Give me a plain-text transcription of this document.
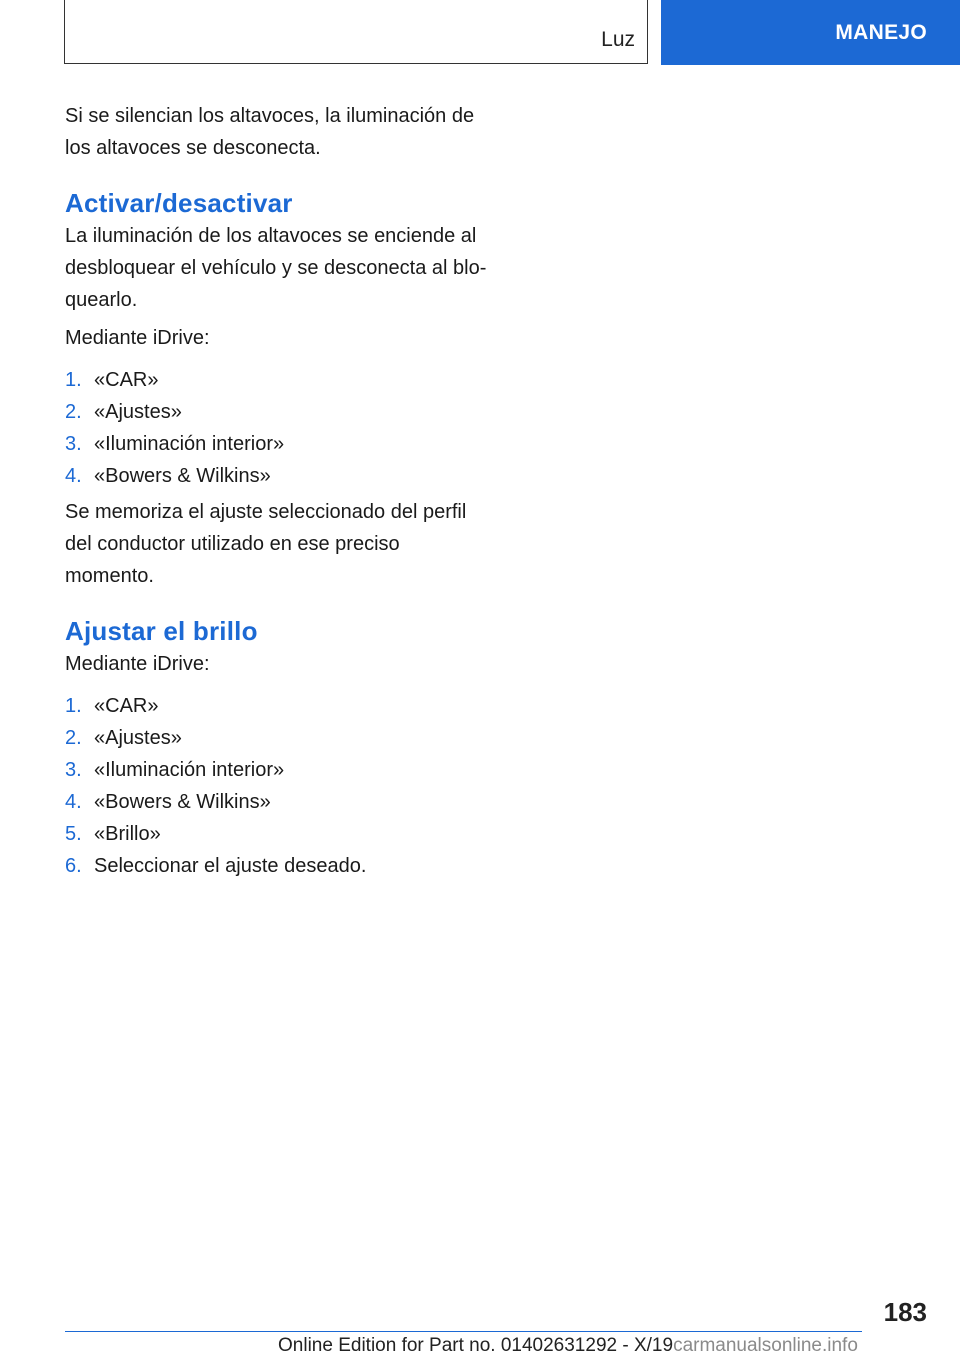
Luz	MANEJO

Si se silencian los altavoces, la iluminación de los altavoces se desconecta.

Activar/desactivar

La iluminación de los altavoces se enciende al desbloquear el vehículo y se desconecta al blo-quearlo.

Mediante iDrive:

1. «CAR»
2. «Ajustes»
3. «Iluminación interior»
4. «Bowers & Wilkins»

Se memoriza el ajuste seleccionado del perfil del conductor utilizado en ese preciso momento.

Ajustar el brillo

Mediante iDrive:

1. «CAR»
2. «Ajustes»
3. «Iluminación interior»
4. «Bowers & Wilkins»
5. «Brillo»
6. Seleccionar el ajuste deseado.
183
Online Edition for Part no. 01402631292 - X/19carmanualsonline.info
